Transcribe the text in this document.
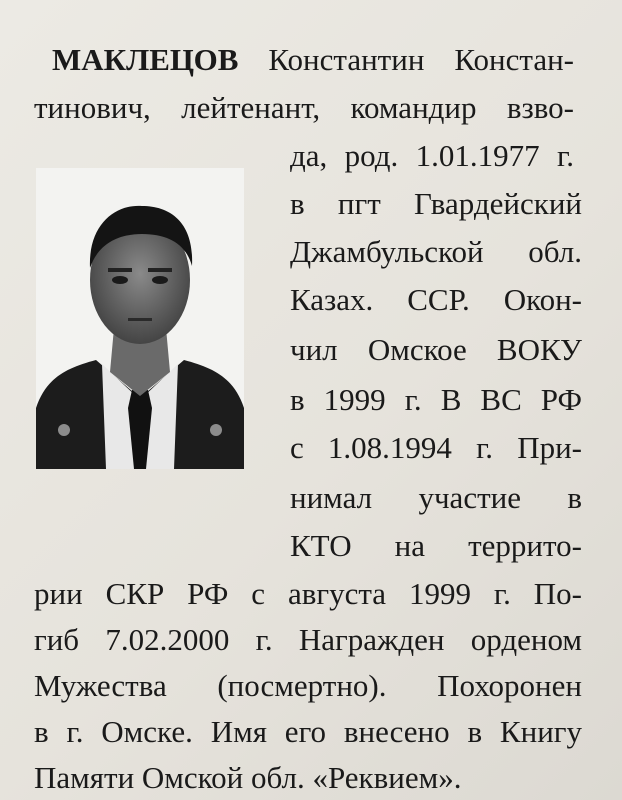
МАКЛЕЦОВ Константин Констан-
тинович, лейтенант, командир взво-
да, род. 1.01.1977 г.
в пгт Гвардейский
Джамбульской обл.
Казах. ССР. Окон-
чил Омское ВОКУ
в 1999 г. В ВС РФ
с 1.08.1994 г. При-
нимал участие в
КТО на террито-
рии СКР РФ с августа 1999 г. По-
гиб 7.02.2000 г. Награжден орденом
Мужества (посмертно). Похоронен
в г. Омске. Имя его внесено в Книгу
Памяти Омской обл. «Реквием».
